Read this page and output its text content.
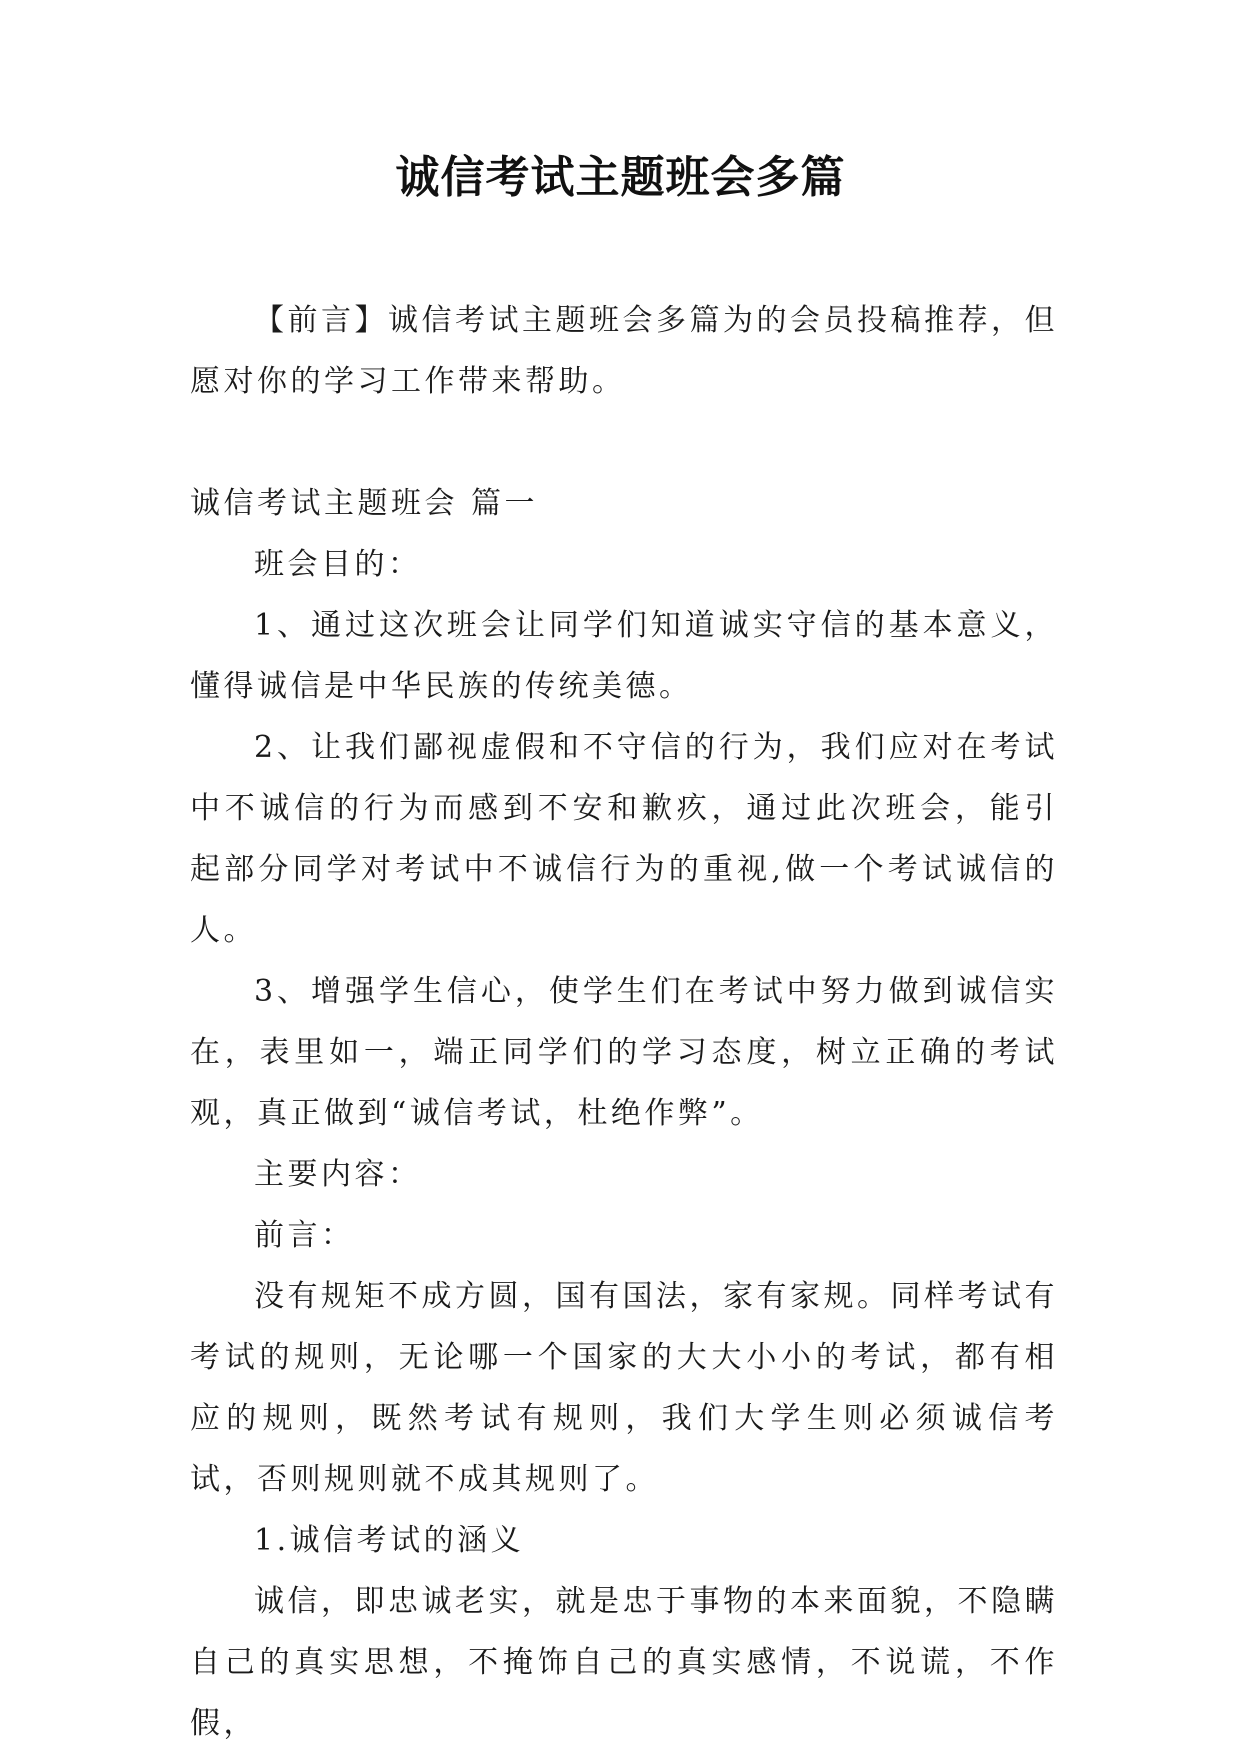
诚信考试主题班会多篇

【前言】诚信考试主题班会多篇为的会员投稿推荐，但愿对你的学习工作带来帮助。

诚信考试主题班会 篇一

班会目的：

1、通过这次班会让同学们知道诚实守信的基本意义，懂得诚信是中华民族的传统美德。

2、让我们鄙视虚假和不守信的行为，我们应对在考试中不诚信的行为而感到不安和歉疚，通过此次班会，能引起部分同学对考试中不诚信行为的重视,做一个考试诚信的人。

3、增强学生信心，使学生们在考试中努力做到诚信实在，表里如一，端正同学们的学习态度，树立正确的考试观，真正做到“诚信考试，杜绝作弊”。

主要内容：

前言：

没有规矩不成方圆，国有国法，家有家规。同样考试有考试的规则，无论哪一个国家的大大小小的考试，都有相应的规则，既然考试有规则，我们大学生则必须诚信考试，否则规则就不成其规则了。

1.诚信考试的涵义

诚信，即忠诚老实，就是忠于事物的本来面貌，不隐瞒自己的真实思想，不掩饰自己的真实感情，不说谎，不作假，
